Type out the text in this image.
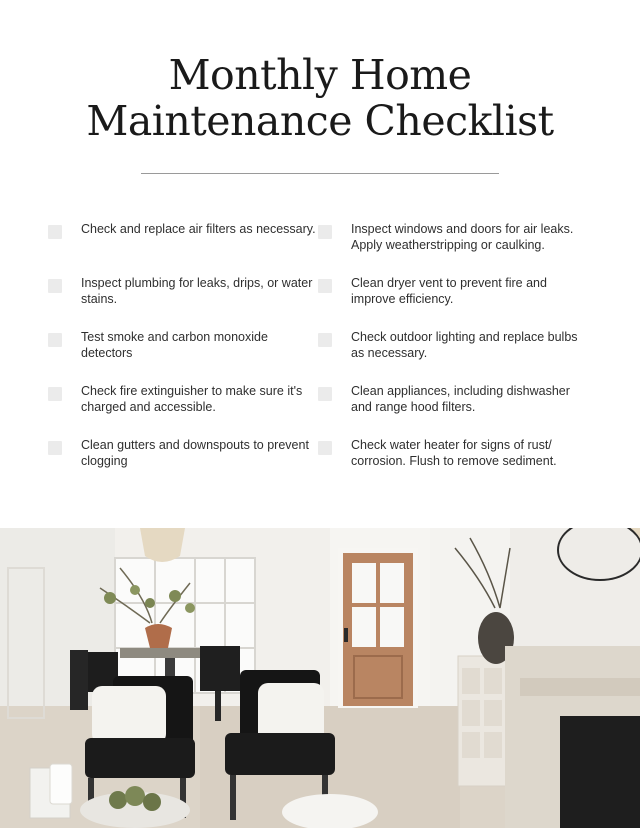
Monthly Home
Maintenance Checklist
Check and replace air filters as necessary.
Inspect plumbing for leaks, drips, or water stains.
Test smoke and carbon monoxide detectors
Check fire extinguisher to make sure it's charged and accessible.
Clean gutters and downspouts to prevent clogging
Inspect windows and doors for air leaks. Apply weatherstripping or caulking.
Clean dryer vent to prevent fire and improve efficiency.
Check outdoor lighting and replace bulbs as necessary.
Clean appliances, including dishwasher and range hood filters.
Check water heater for signs of rust/ corrosion. Flush to remove sediment.
